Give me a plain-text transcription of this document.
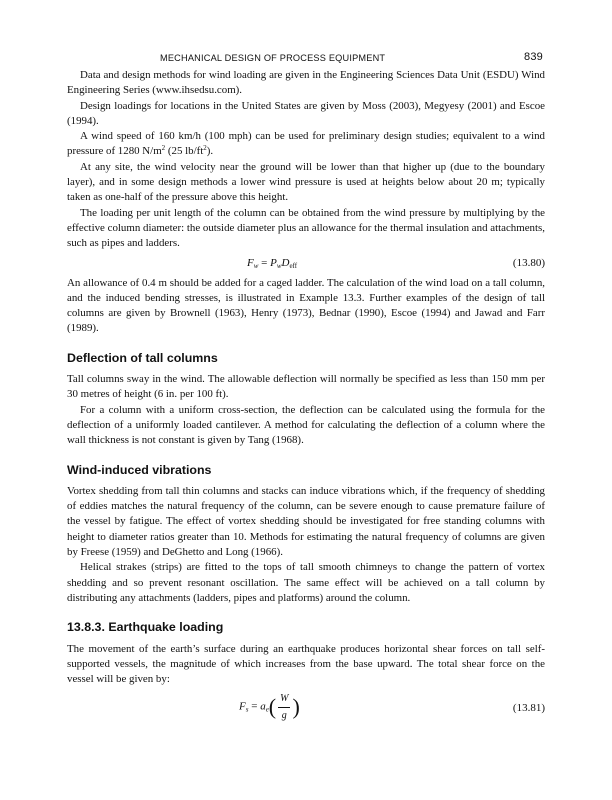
MECHANICAL DESIGN OF PROCESS EQUIPMENT	839

Data and design methods for wind loading are given in the Engineering Sciences Data Unit (ESDU) Wind Engineering Series (www.ihsedsu.com).

Design loadings for locations in the United States are given by Moss (2003), Megyesy (2001) and Escoe (1994).

A wind speed of 160 km/h (100 mph) can be used for preliminary design studies; equivalent to a wind pressure of 1280 $N/m^2$ (25 $lb/ft^2$).

At any site, the wind velocity near the ground will be lower than that higher up (due to the boundary layer), and in some design methods a lower wind pressure is used at heights below about 20 m; typically taken as one-half of the pressure above this height.

The loading per unit length of the column can be obtained from the wind pressure by multiplying by the effective column diameter: the outside diameter plus an allowance for the thermal insulation and attachments, such as pipes and ladders.

$F_w = P_wD_{eff}$	(13.80)

An allowance of 0.4 m should be added for a caged ladder. The calculation of the wind load on a tall column, and the induced bending stresses, is illustrated in Example 13.3. Further examples of the design of tall columns are given by Brownell (1963), Henry (1973), Bednar (1990), Escoe (1994) and Jawad and Farr (1989).

Deflection of tall columns

Tall columns sway in the wind. The allowable deflection will normally be specified as less than 150 mm per 30 metres of height (6 in. per 100 ft).

For a column with a uniform cross-section, the deflection can be calculated using the formula for the deflection of a uniformly loaded cantilever. A method for calculating the deflection of a column where the wall thickness is not constant is given by Tang (1968).

Wind-induced vibrations

Vortex shedding from tall thin columns and stacks can induce vibrations which, if the frequency of shedding of eddies matches the natural frequency of the column, can be severe enough to cause premature failure of the vessel by fatigue. The effect of vortex shedding should be investigated for free standing columns with height to diameter ratios greater than 10. Methods for estimating the natural frequency of columns are given by Freese (1959) and DeGhetto and Long (1966).

Helical strakes (strips) are fitted to the tops of tall smooth chimneys to change the pattern of vortex shedding and so prevent resonant oscillation. The same effect will be achieved on a tall column by distributing any attachments (ladders, pipes and platforms) around the column.

13.8.3. Earthquake loading

The movement of the earth’s surface during an earthquake produces horizontal shear forces on tall self-supported vessels, the magnitude of which increases from the base upward. The total shear force on the vessel will be given by:

$F_s = a_e( \frac{W}{g}$ )	(13.81)
